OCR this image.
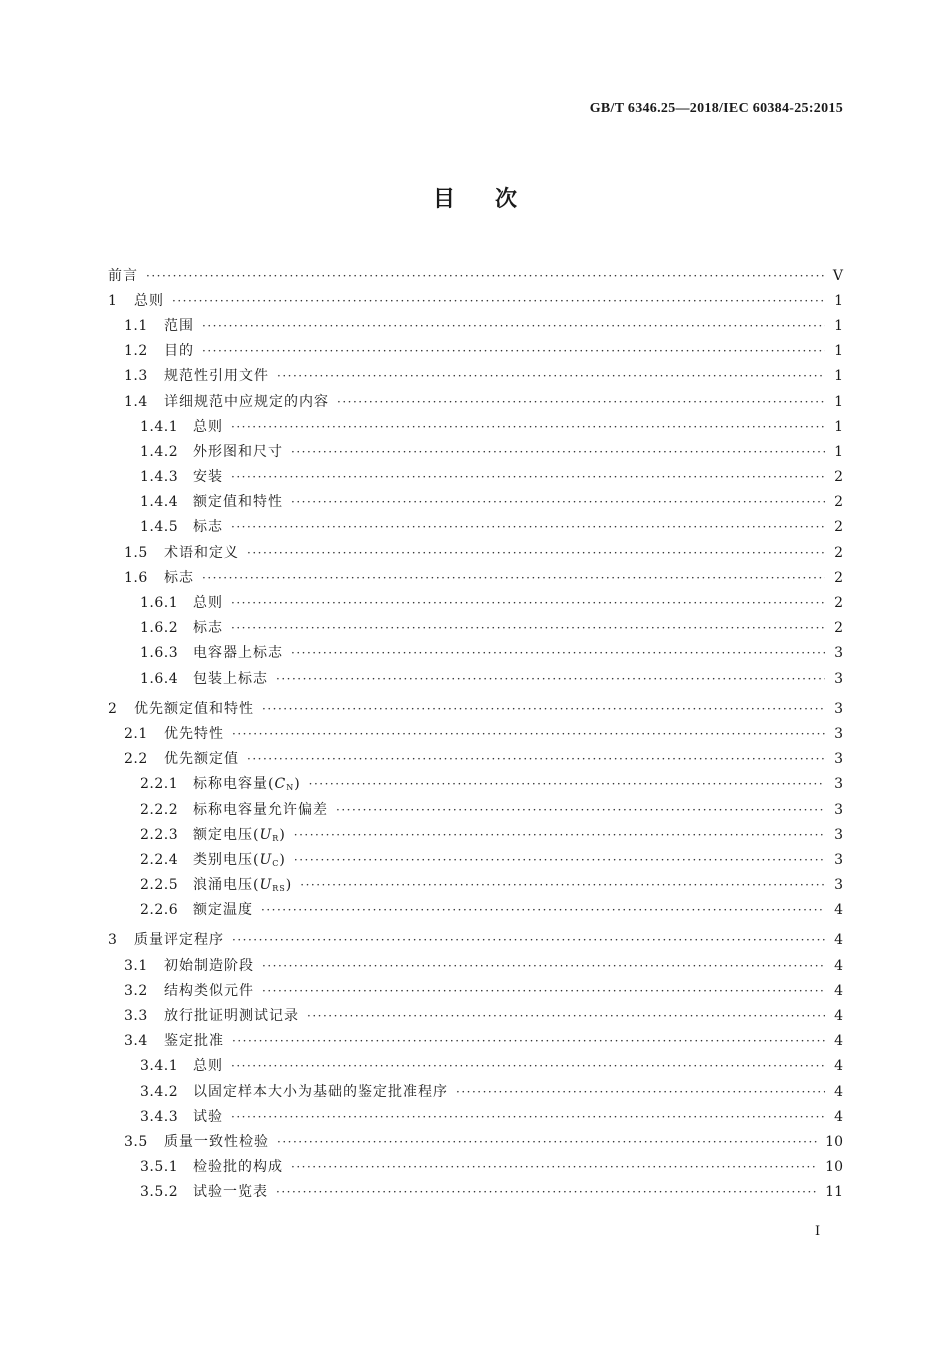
GB/T 6346.25—2018/IEC 60384-25:2015
目次
前言 ·····	V
1	总则 ·····	1
1.1	范围 ·····	1
1.2	目的 ·····	1
1.3	规范性引用文件 ·····	1
1.4	详细规范中应规定的内容 ·····	1
1.4.1	总则 ·····	1
1.4.2	外形图和尺寸 ·····	1
1.4.3	安装 ·····	2
1.4.4	额定值和特性 ·····	2
1.4.5	标志 ·····	2
1.5	术语和定义 ·····	2
1.6	标志 ·····	2
1.6.1	总则 ·····	2
1.6.2	标志 ·····	2
1.6.3	电容器上标志 ·····	3
1.6.4	包装上标志 ·····	3
2	优先额定值和特性 ·····	3
2.1	优先特性 ·····	3
2.2	优先额定值 ·····	3
2.2.1	标称电容量$(C_N)$ ·····	3
2.2.2	标称电容量允许偏差 ·····	3
2.2.3	额定电压$(U_R)$ ·····	3
2.2.4	类别电压$(U_C)$ ·····	3
2.2.5	浪涌电压$(U_{RS})$ ·····	3
2.2.6	额定温度 ·····	4
3	质量评定程序 ·····	4
3.1	初始制造阶段 ·····	4
3.2	结构类似元件 ·····	4
3.3	放行批证明测试记录 ·····	4
3.4	鉴定批准 ·····	4
3.4.1	总则 ·····	4
3.4.2	以固定样本大小为基础的鉴定批准程序 ·····	4
3.4.3	试验 ·····	4
3.5	质量一致性检验 ·····	10
3.5.1	检验批的构成 ·····	10
3.5.2	试验一览表 ·····	11
I
